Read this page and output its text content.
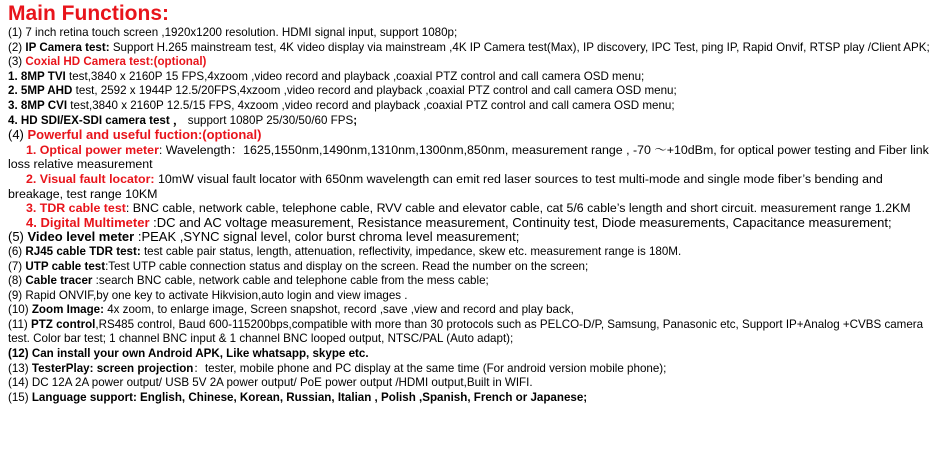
Main Functions:
(1) 7 inch retina touch screen ,1920x1200 resolution. HDMI signal input, support 1080p;
(2) IP Camera test: Support H.265 mainstream test, 4K video display via mainstream ,4K IP Camera test(Max), IP discovery, IPC Test, ping IP, Rapid Onvif, RTSP play /Client APK;
(3) Coxial HD Camera test:(optional)
1. 8MP TVI test,3840 x 2160P 15 FPS,4xzoom ,video record and playback ,coaxial PTZ control and call camera OSD menu;
2. 5MP AHD test, 2592 x 1944P 12.5/20FPS,4xzoom ,video record and playback ,coaxial PTZ control and call camera OSD menu;
3. 8MP CVI test,3840 x 2160P 12.5/15 FPS, 4xzoom ,video record and playback ,coaxial PTZ control and call camera OSD menu;
4. HD SDI/EX-SDI camera test ， support 1080P 25/30/50/60 FPS;
(4) Powerful and useful fuction:(optional)
1. Optical power meter: Wavelength：1625,1550nm,1490nm,1310nm,1300nm,850nm, measurement range , -70 ～+10dBm, for optical power testing and Fiber link loss relative measurement
2. Visual fault locator: 10mW visual fault locator with 650nm wavelength can emit red laser sources to test multi-mode and single mode fiber’s bending and breakage, test range 10KM
3. TDR cable test: BNC cable, network cable, telephone cable, RVV cable and elevator cable, cat 5/6 cable’s length and short circuit. measurement range 1.2KM
4. Digital Multimeter :DC and AC voltage measurement, Resistance measurement, Continuity test, Diode measurements, Capacitance measurement;
(5) Video level meter :PEAK ,SYNC signal level, color burst chroma level measurement;
(6) RJ45 cable TDR test: test cable pair status, length, attenuation, reflectivity, impedance, skew etc. measurement range is 180M.
(7) UTP cable test:Test UTP cable connection status and display on the screen. Read the number on the screen;
(8) Cable tracer :search BNC cable, network cable and telephone cable from the mess cable;
(9) Rapid ONVIF,by one key to activate Hikvision,auto login and view images .
(10) Zoom Image: 4x zoom, to enlarge image, Screen snapshot, record ,save ,view and record and play back,
(11) PTZ control,RS485 control, Baud 600-115200bps,compatible with more than 30 protocols such as PELCO-D/P, Samsung, Panasonic etc, Support IP+Analog +CVBS camera test. Color bar test; 1 channel BNC input & 1 channel BNC looped output, NTSC/PAL (Auto adapt);
(12) Can install your own Android APK, Like whatsapp, skype etc.
(13) TesterPlay: screen projection：tester, mobile phone and PC display at the same time (For android version mobile phone);
(14) DC 12A 2A power output/ USB 5V 2A power output/ PoE power output /HDMI output,Built in WIFI.
(15) Language support: English, Chinese, Korean, Russian, Italian , Polish ,Spanish, French or Japanese;
